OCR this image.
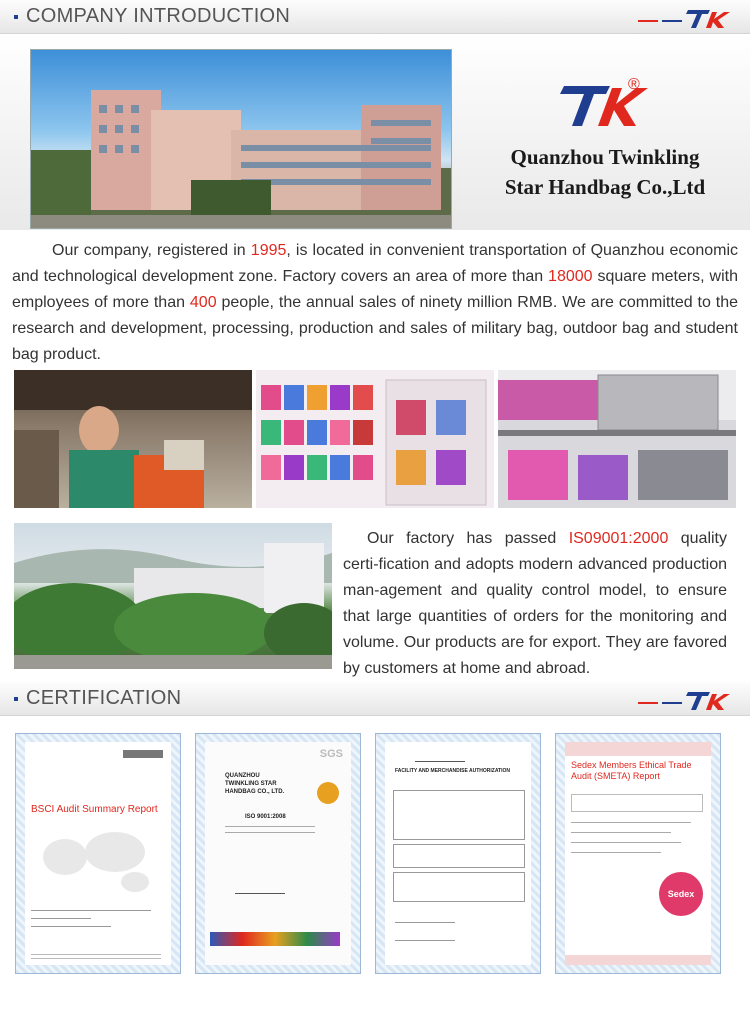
COMPANY INTRODUCTION
®
Quanzhou Twinkling
Star Handbag Co.,Ltd
Our company, registered in 1995, is located in convenient transportation of Quanzhou economic and technological development zone. Factory covers an area of more than 18000 square meters, with employees of more than 400 people, the annual sales of ninety million RMB. We are committed to the research and development, processing, production and sales of military bag, outdoor bag and student bag product.
Our factory has passed IS09001:2000 quality certi-fication and adopts modern advanced production man-agement and quality control model, to ensure that large quantities of orders for the monitoring and volume. Our products are for export. They are favored by customers at home and abroad.
CERTIFICATION
BSCI Audit Summary Report
SGS
QUANZHOU TWINKLING STAR HANDBAG CO., LTD.
ISO 9001:2008
FACILITY AND MERCHANDISE AUTHORIZATION
Sedex Members Ethical Trade Audit (SMETA) Report
Sedex
